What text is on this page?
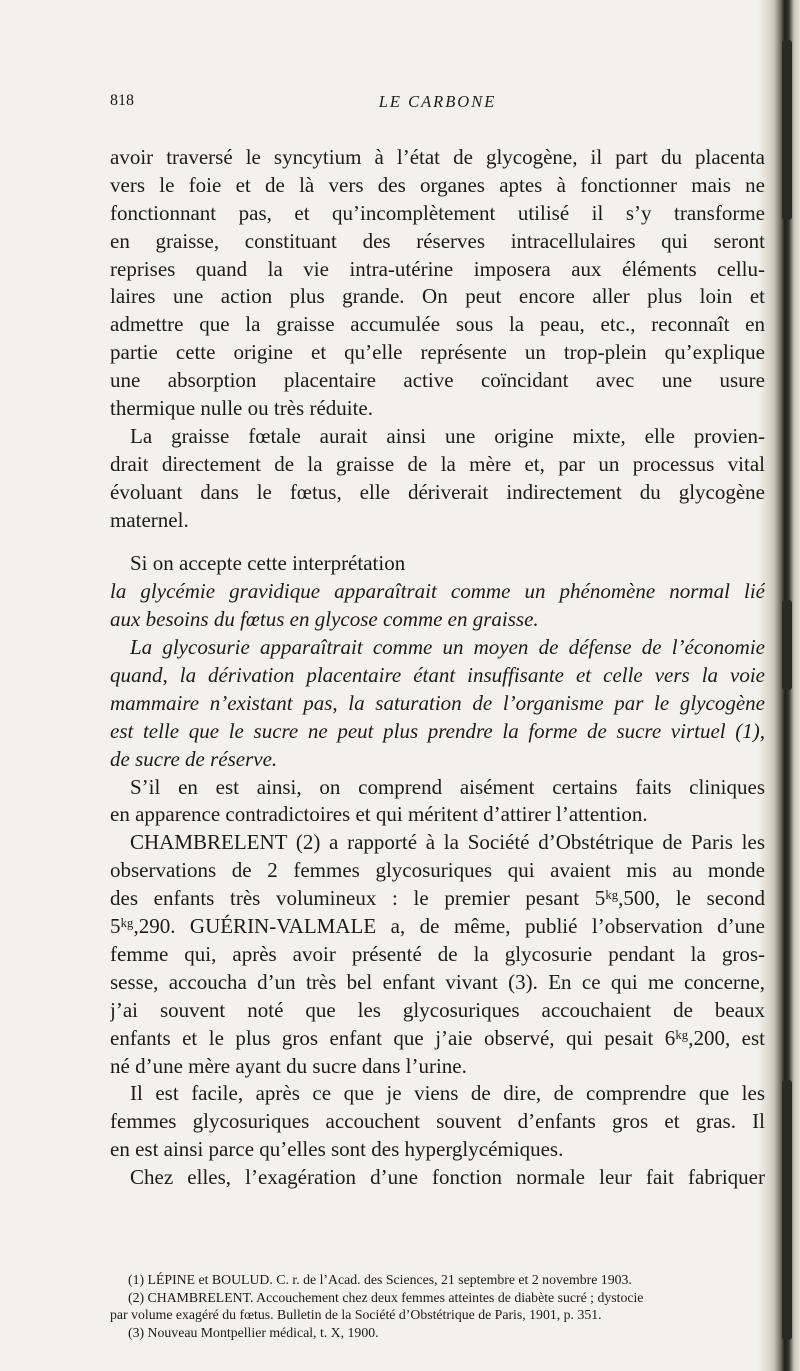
818	LE CARBONE
avoir traversé le syncytium à l’état de glycogène, il part du placenta
vers le foie et de là vers des organes aptes à fonctionner mais ne
fonctionnant pas, et qu’incomplètement utilisé il s’y transforme
en graisse, constituant des réserves intracellulaires qui seront
reprises quand la vie intra-utérine imposera aux éléments cellu-
laires une action plus grande. On peut encore aller plus loin et
admettre que la graisse accumulée sous la peau, etc., reconnaît en
partie cette origine et qu’elle représente un trop-plein qu’explique
une absorption placentaire active coïncidant avec une usure
thermique nulle ou très réduite.
La graisse fœtale aurait ainsi une origine mixte, elle provien-
drait directement de la graisse de la mère et, par un processus vital
évoluant dans le fœtus, elle dériverait indirectement du glycogène
maternel.
Si on accepte cette interprétation
la glycémie gravidique apparaîtrait comme un phénomène normal lié
aux besoins du fœtus en glycose comme en graisse.
La glycosurie apparaîtrait comme un moyen de défense de l’économie
quand, la dérivation placentaire étant insuffisante et celle vers la voie
mammaire n’existant pas, la saturation de l’organisme par le glycogène
est telle que le sucre ne peut plus prendre la forme de sucre virtuel (1),
de sucre de réserve.
S’il en est ainsi, on comprend aisément certains faits cliniques
en apparence contradictoires et qui méritent d’attirer l’attention.
CHAMBRELENT (2) a rapporté à la Société d’Obstétrique de Paris les
observations de 2 femmes glycosuriques qui avaient mis au monde
des enfants très volumineux : le premier pesant 5ᵏᵍ,500, le second
5ᵏᵍ,290. GUÉRIN-VALMALE a, de même, publié l’observation d’une
femme qui, après avoir présenté de la glycosurie pendant la gros-
sesse, accoucha d’un très bel enfant vivant (3). En ce qui me concerne,
j’ai souvent noté que les glycosuriques accouchaient de beaux
enfants et le plus gros enfant que j’aie observé, qui pesait 6ᵏᵍ,200, est
né d’une mère ayant du sucre dans l’urine.
Il est facile, après ce que je viens de dire, de comprendre que les
femmes glycosuriques accouchent souvent d’enfants gros et gras. Il
en est ainsi parce qu’elles sont des hyperglycémiques.
Chez elles, l’exagération d’une fonction normale leur fait fabriquer
(1) LÉPINE et BOULUD. C. r. de l’Acad. des Sciences, 21 septembre et 2 novembre 1903.
(2) CHAMBRELENT. Accouchement chez deux femmes atteintes de diabète sucré ; dystocie
par volume exagéré du fœtus. Bulletin de la Société d’Obstétrique de Paris, 1901, p. 351.
(3) Nouveau Montpellier médical, t. X, 1900.
